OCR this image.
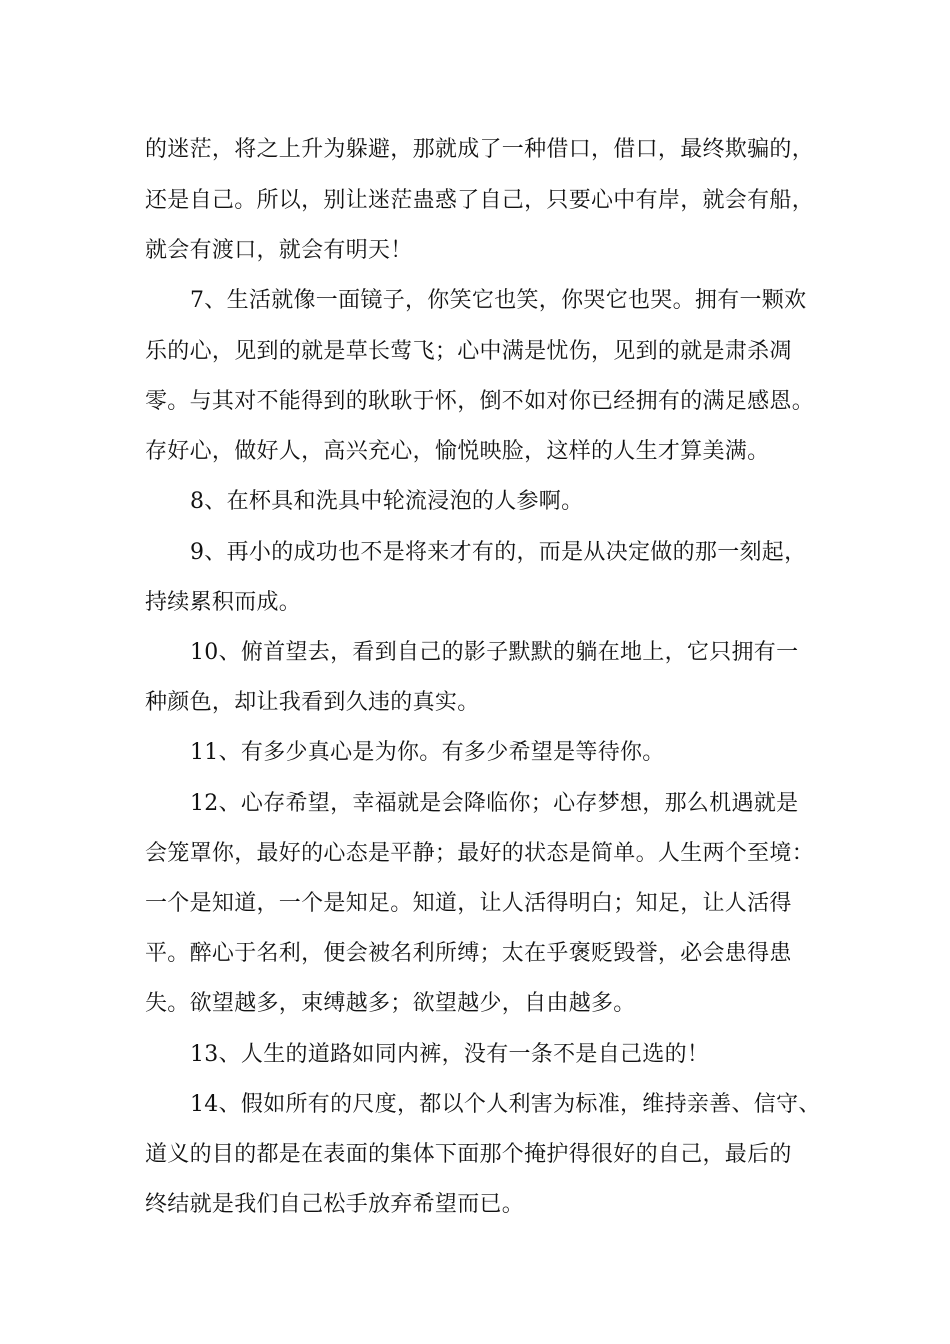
的迷茫，将之上升为躲避，那就成了一种借口，借口，最终欺骗的，
还是自己。所以，别让迷茫蛊惑了自己，只要心中有岸，就会有船，
就会有渡口，就会有明天！
7、生活就像一面镜子，你笑它也笑，你哭它也哭。拥有一颗欢
乐的心，见到的就是草长莺飞；心中满是忧伤，见到的就是肃杀凋
零。与其对不能得到的耿耿于怀，倒不如对你已经拥有的满足感恩。
存好心，做好人，高兴充心，愉悦映脸，这样的人生才算美满。
8、在杯具和洗具中轮流浸泡的人参啊。
9、再小的成功也不是将来才有的，而是从决定做的那一刻起，
持续累积而成。
10、俯首望去，看到自己的影子默默的躺在地上，它只拥有一
种颜色，却让我看到久违的真实。
11、有多少真心是为你。有多少希望是等待你。
12、心存希望，幸福就是会降临你；心存梦想，那么机遇就是
会笼罩你，最好的心态是平静；最好的状态是简单。人生两个至境：
一个是知道，一个是知足。知道，让人活得明白；知足，让人活得
平。醉心于名利，便会被名利所缚；太在乎褒贬毁誉，必会患得患
失。欲望越多，束缚越多；欲望越少，自由越多。
13、人生的道路如同内裤，没有一条不是自己选的！
14、假如所有的尺度，都以个人利害为标准，维持亲善、信守、
道义的目的都是在表面的集体下面那个掩护得很好的自己，最后的
终结就是我们自己松手放弃希望而已。
